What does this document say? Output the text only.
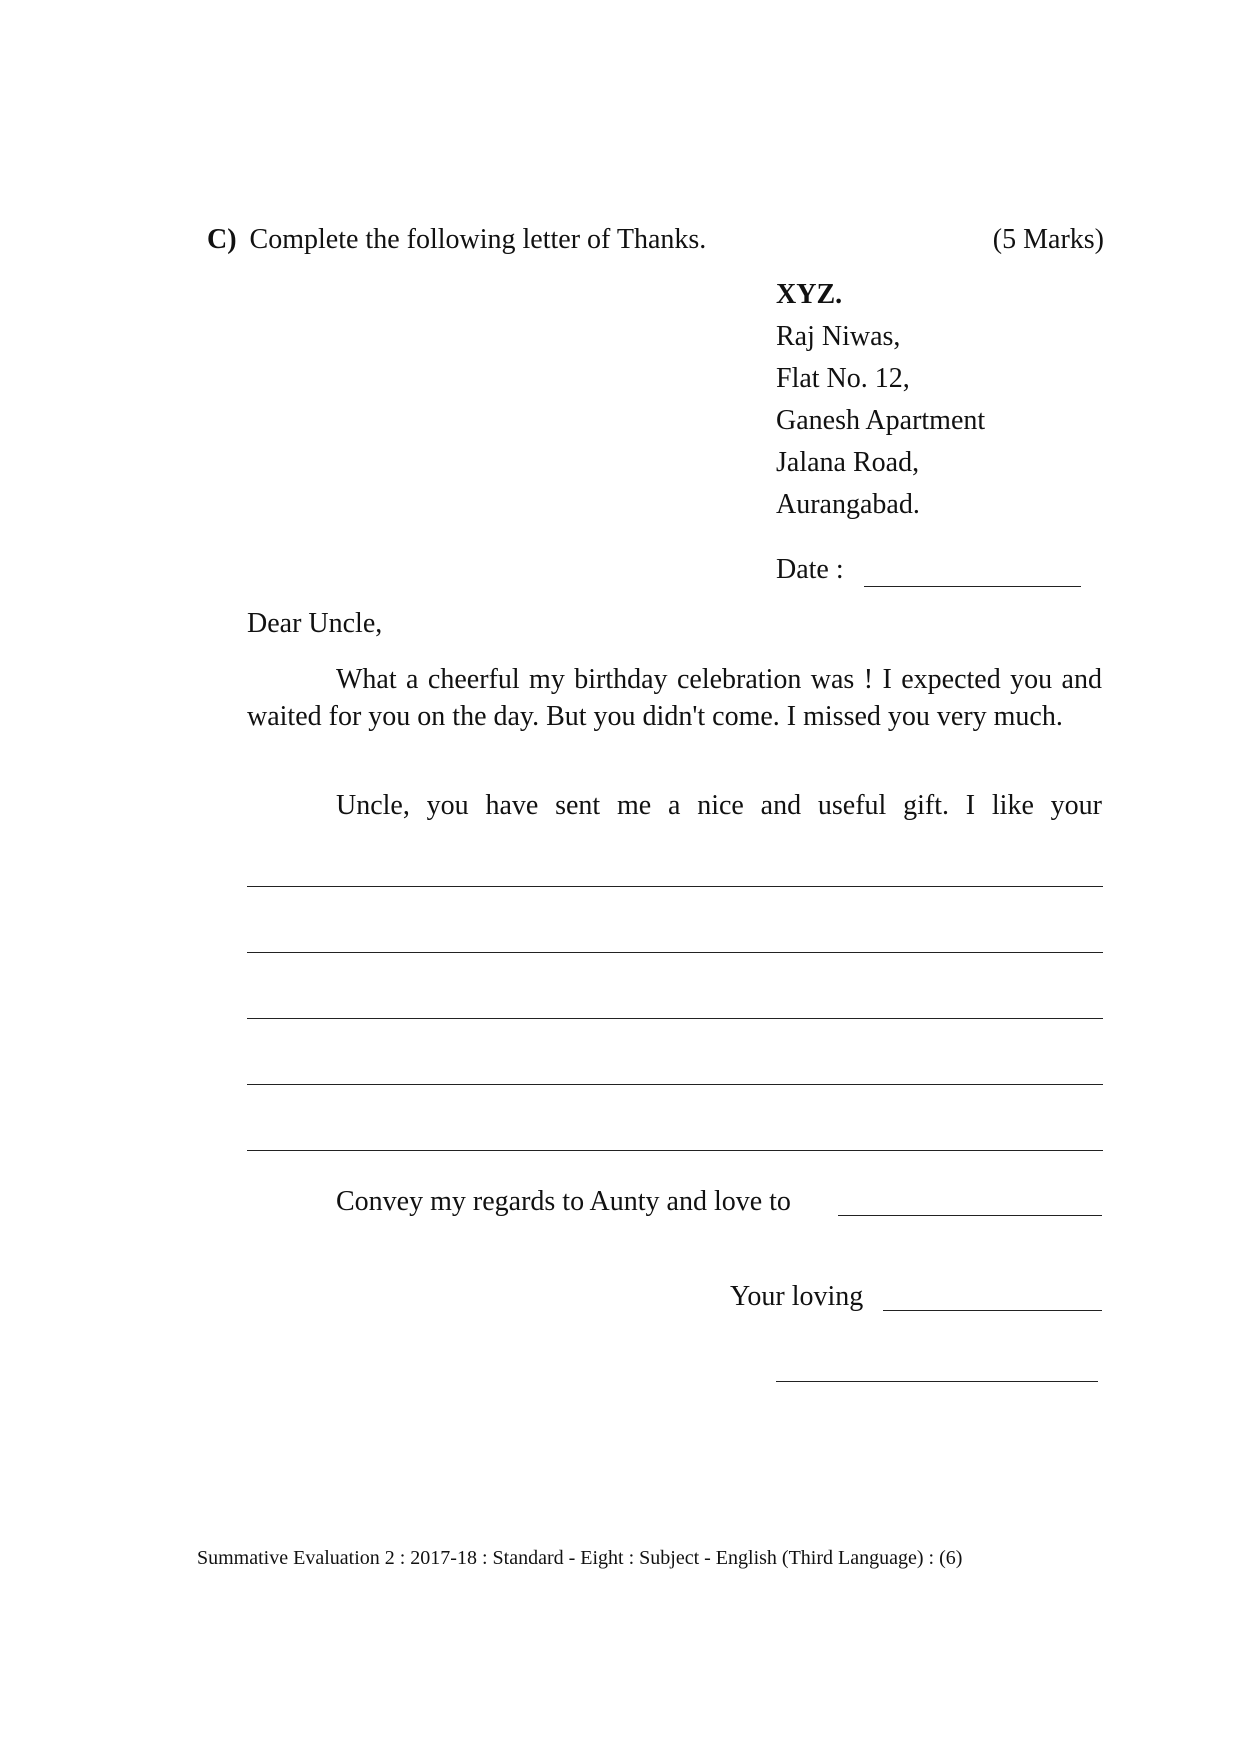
C) Complete the following letter of Thanks.	(5 Marks)
XYZ.
Raj Niwas,
Flat No. 12,
Ganesh Apartment
Jalana Road,
Aurangabad.
Date :
Dear Uncle,
What a cheerful my birthday celebration was ! I expected you and waited for you on the day. But you didn't come. I missed you very much.
Uncle, you have sent me a nice and useful gift. I like your
Convey my regards to Aunty and love to
Your loving
Summative Evaluation 2 : 2017-18 : Standard - Eight : Subject - English (Third Language) : (6)
